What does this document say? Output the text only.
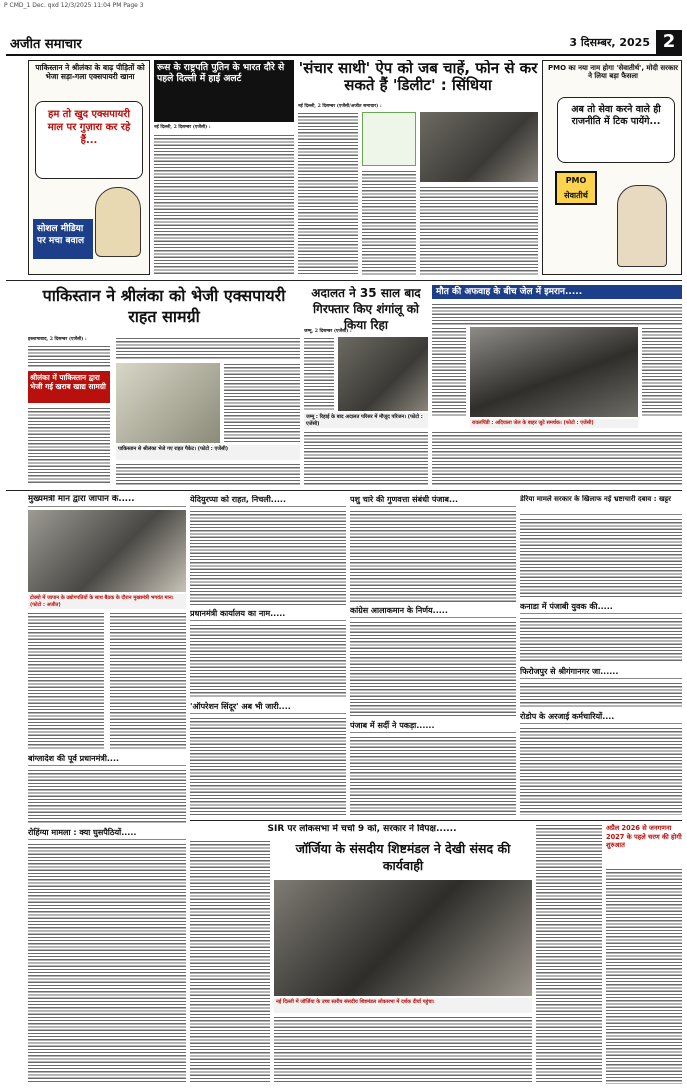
P CMD_1 Dec. qxd 12/3/2025 11:04 PM Page 3
अजीत समाचार	3 दिसम्बर, 2025 2
पाकिस्तान ने श्रीलंका के बाढ़ पीड़ितों को भेजा सड़ा-गला एक्सपायरी खाना
हम तो खुद एक्सपायरी माल पर गुज़ारा कर रहे हैं...
सोशल मीडिया पर मचा बवाल
रूस के राष्ट्रपति पुतिन के भारत दौरे से पहले दिल्ली में हाई अलर्ट
नई दिल्ली, 2 दिसम्बर (एजेंसी) :
'संचार साथी' ऐप को जब चाहें, फोन से कर सकते हैं 'डिलीट' : सिंधिया
नई दिल्ली, 2 दिसम्बर (एजेंसी/अजीत समाचार) :
PMO का नया नाम होगा 'सेवातीर्थ', मोदी सरकार ने लिया बड़ा फैसला
अब तो सेवा करने वाले ही राजनीति में टिक पायेंगे...
PMO सेवातीर्थ
पाकिस्तान ने श्रीलंका को भेजी एक्सपायरी राहत सामग्री
इस्लामाबाद, 2 दिसम्बर (एजेंसी) :
श्रीलंका में पाकिस्तान द्वारा भेजी गई खराब खाद्य सामग्री
पाकिस्तान से श्रीलंका भेजे गए राहत पैकेट। (फोटो : एजेंसी)
अदालत ने 35 साल बाद गिरफ्तार किए शंगांलू को किया रिहा
जम्मू, 2 दिसम्बर (एजेंसी) :
जम्मू : रिहाई के बाद अदालत परिसर में मौजूद परिजन। (फोटो : एजेंसी)
मौत की अफवाह के बीच जेल में इमरान.....
रावलपिंडी : अदियाला जेल के बाहर जुटे समर्थक। (फोटो : एजेंसी)
मुख्यमंत्री मान द्वारा जापान के.....
टोक्यो में जापान के उद्योगपतियों के साथ बैठक के दौरान मुख्यमंत्री भगवंत मान। (फोटो : अजीत)
येदियुरप्पा को राहत, निचली.....
प्रधानमंत्री कार्यालय का नाम.....
'ऑपरेशन सिंदूर' अब भी जारी....
पशु चारे की गुणवत्ता संबंधी पंजाब...
कांग्रेस आलाकमान के निर्णय.....
पंजाब में सर्दी ने पकड़ा......
डेरिया मामले सरकार के खिलाफ नई भ्रष्टाचारी दबाव : खट्टर
कनाडा में पंजाबी युवक की.....
फिरोजपुर से श्रीगंगानगर जा......
रोडोप के अरजाई कर्मचारियों....
बांग्लादेश की पूर्व प्रधानमंत्री....
रोहिंग्या मामला : क्या घुसपैठियों.....	SIR पर लोकसभा में चर्चा 9 को, सरकार ने विपक्ष......
जॉर्जिया के संसदीय शिष्टमंडल ने देखी संसद की कार्यवाही
नई दिल्ली में जॉर्जिया के उच्च स्तरीय संसदीय शिष्टमंडल लोकसभा में दर्शक दीर्घा पहुंचा।
अप्रैल 2026 से जनगणना 2027 के पहले चरण की होगी शुरुआत
